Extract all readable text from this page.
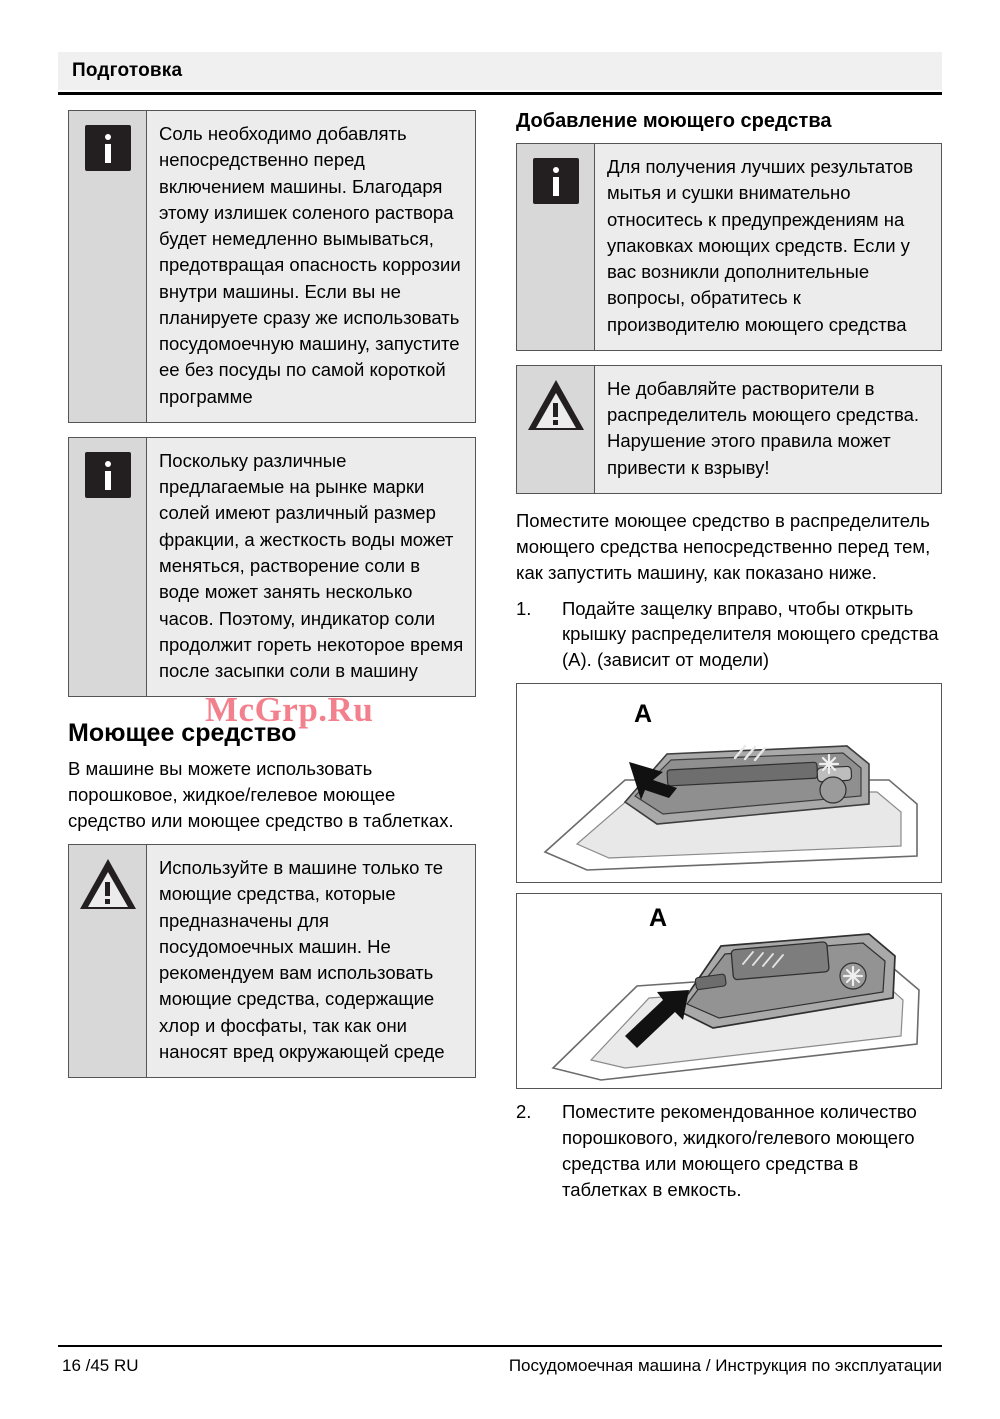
Подготовка
Соль необходимо добавлять непосредственно перед включением машины. Благодаря этому излишек соленого раствора будет немедленно вымываться, предотвращая опасность коррозии внутри машины. Если вы не планируете сразу же использовать посудомоечную машину, запустите ее без посуды по самой короткой программе
Поскольку различные предлагаемые на рынке марки солей имеют различный размер фракции, а жесткость воды может меняться, растворение соли в воде может занять несколько часов. Поэтому, индикатор соли продолжит гореть некоторое время после засыпки соли в машину
Моющее средство

В машине вы можете использовать порошковое, жидкое/гелевое моющее средство или моющее средство в таблетках.

Используйте в машине только те моющие средства, которые предназначены для посудомоечных машин. Не рекомендуем вам использовать моющие средства, содержащие хлор и фосфаты, так как они наносят вред окружающей среде
Добавление моющего средства
Для получения лучших результатов мытья и сушки внимательно относитесь к предупреждениям на упаковках моющих средств. Если у вас возникли дополнительные вопросы, обратитесь к производителю моющего средства
Не добавляйте растворители в распределитель моющего средства. Нарушение этого правила может привести к взрыву!

Поместите моющее средство в распределитель моющего средства непосредственно перед тем, как запустить машину, как показано ниже.

1. Подайте защелку вправо, чтобы открыть крышку распределителя моющего средства (A). (зависит от модели)
A
A
2. Поместите рекомендованное количество порошкового, жидкого/гелевого моющего средства или моющего средства в таблетках в емкость.
McGrp.Ru
16 /45 RU	Посудомоечная машина / Инструкция по эксплуатации
